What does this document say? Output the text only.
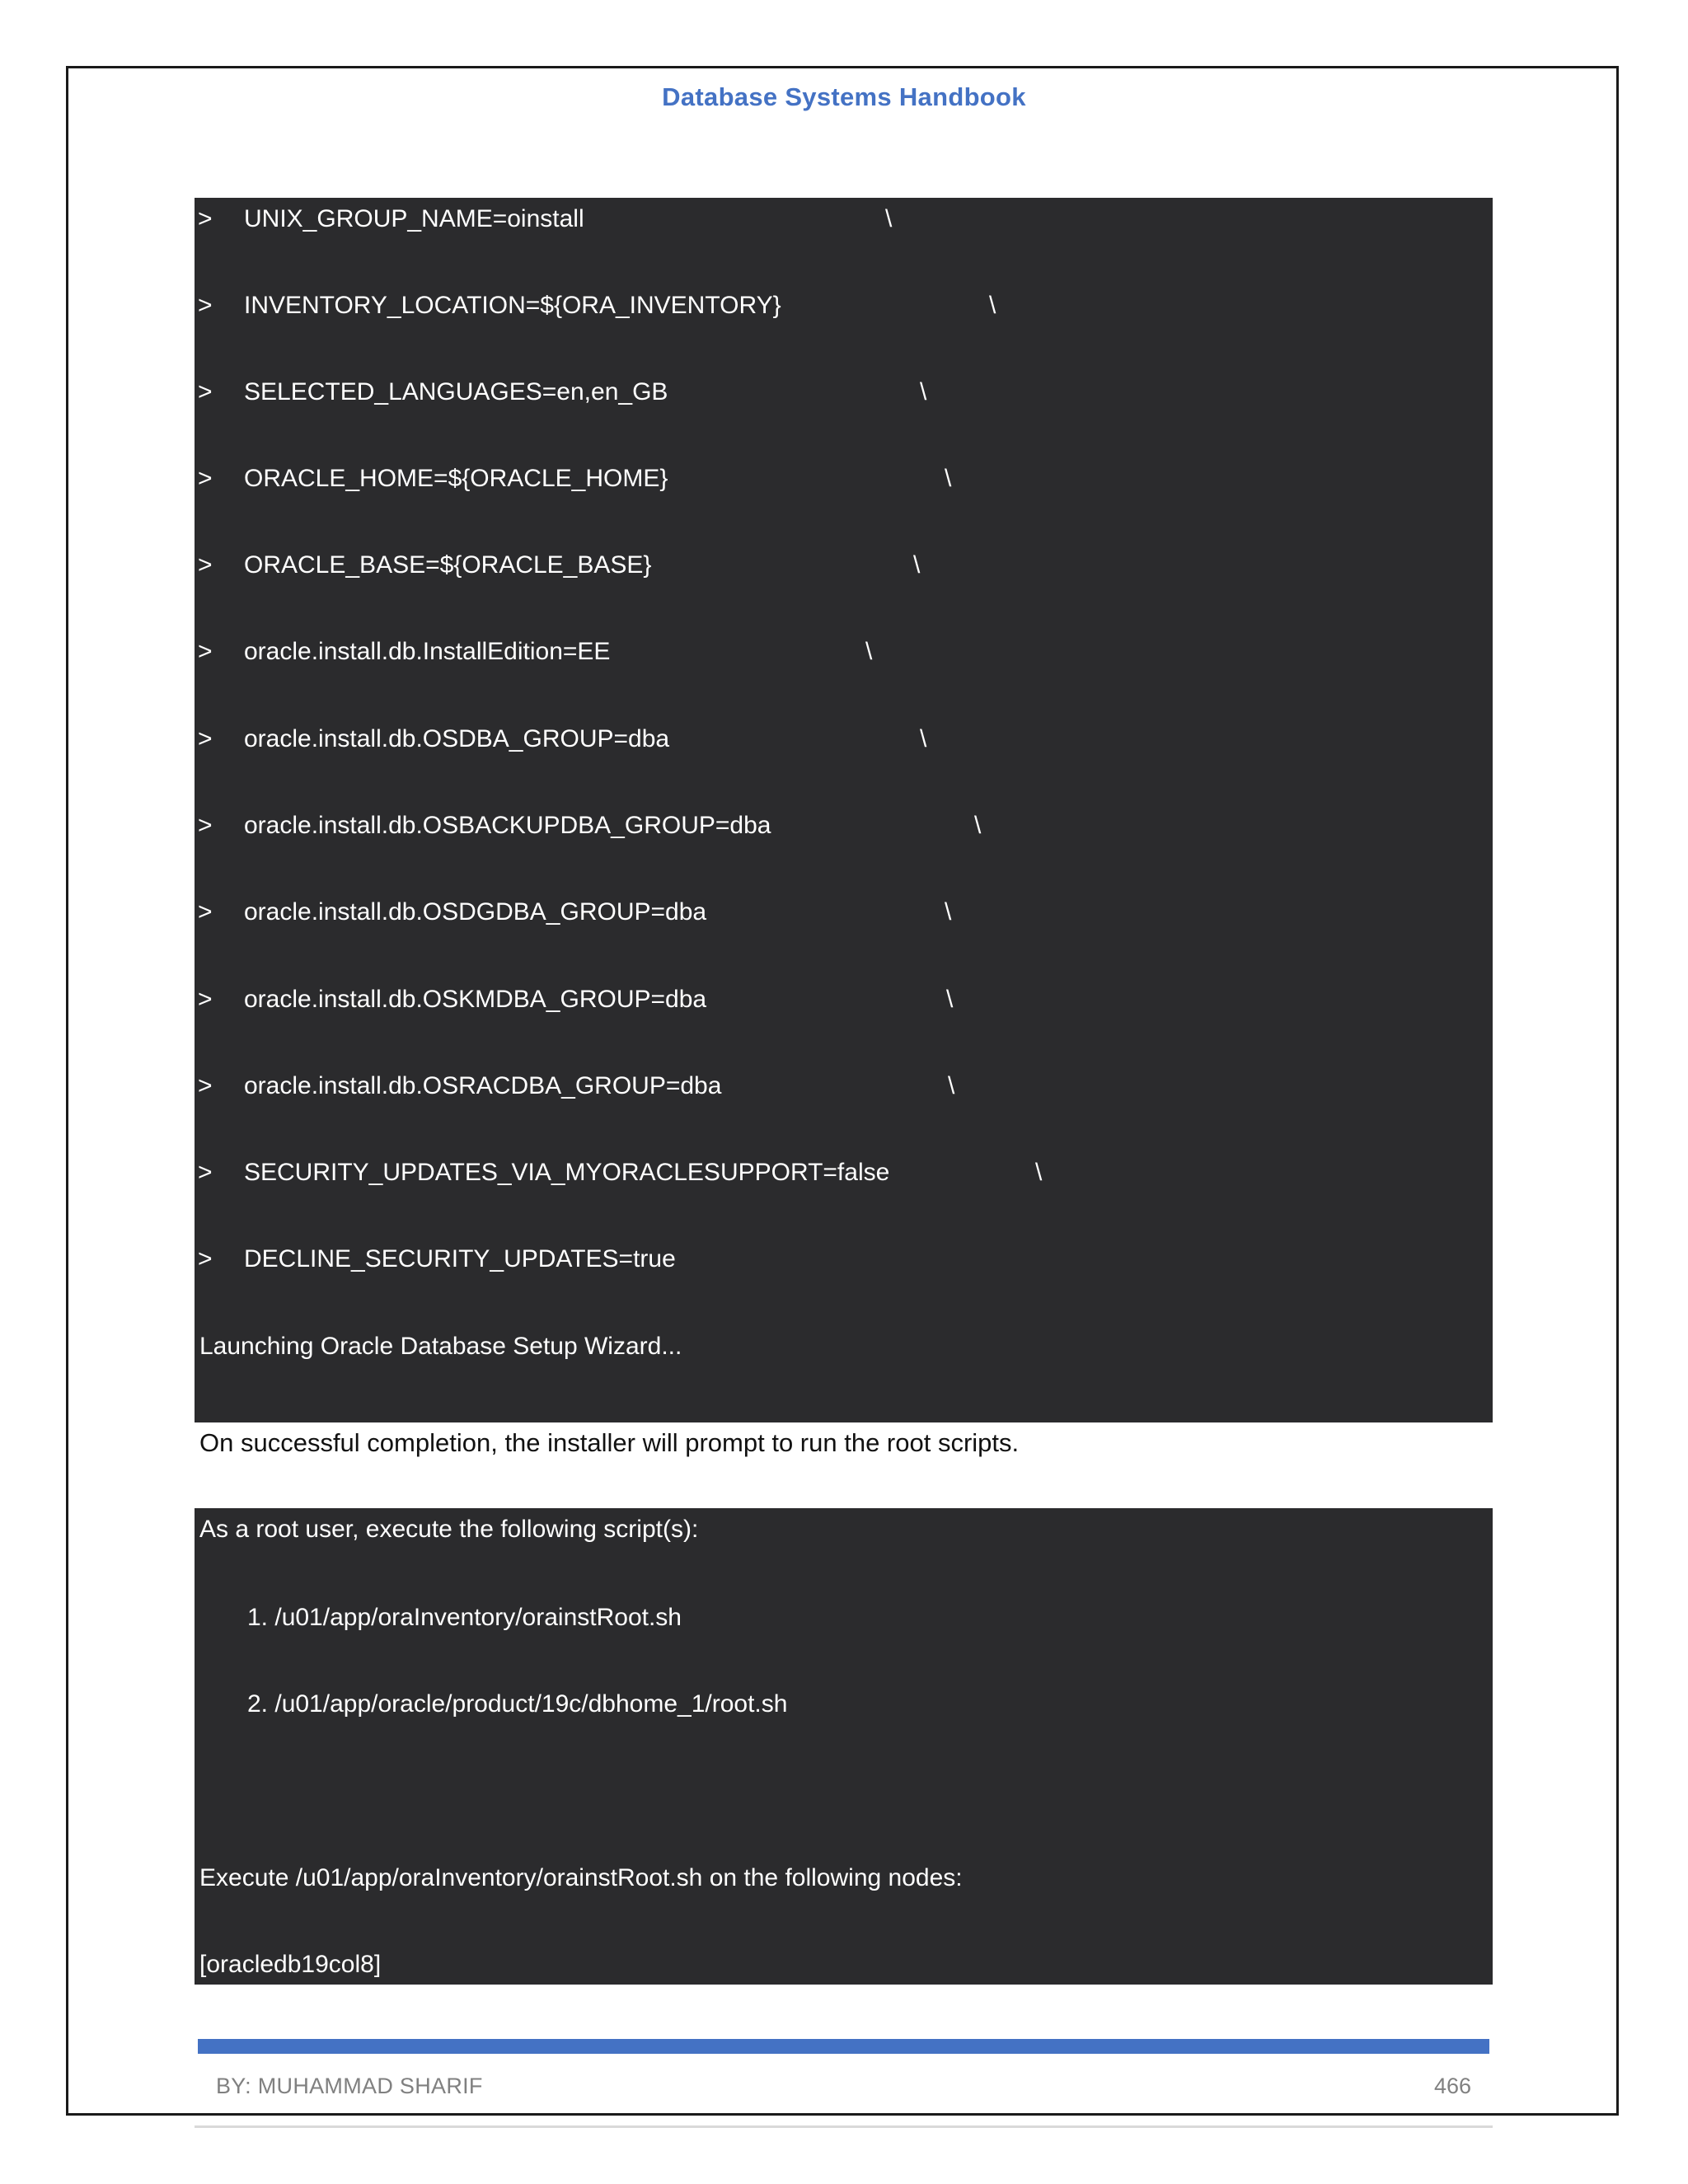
Database Systems Handbook
> UNIX_GROUP_NAME=oinstall	\
> INVENTORY_LOCATION=${ORA_INVENTORY}	\
> SELECTED_LANGUAGES=en,en_GB	\
> ORACLE_HOME=${ORACLE_HOME}	\
> ORACLE_BASE=${ORACLE_BASE}	\
> oracle.install.db.InstallEdition=EE	\
> oracle.install.db.OSDBA_GROUP=dba	\
> oracle.install.db.OSBACKUPDBA_GROUP=dba	\
> oracle.install.db.OSDGDBA_GROUP=dba	\
> oracle.install.db.OSKMDBA_GROUP=dba	\
> oracle.install.db.OSRACDBA_GROUP=dba	\
> SECURITY_UPDATES_VIA_MYORACLESUPPORT=false	\
> DECLINE_SECURITY_UPDATES=true
Launching Oracle Database Setup Wizard...
On successful completion, the installer will prompt to run the root scripts.
As a root user, execute the following script(s):
1. /u01/app/oraInventory/orainstRoot.sh
2. /u01/app/oracle/product/19c/dbhome_1/root.sh
Execute /u01/app/oraInventory/orainstRoot.sh on the following nodes:
[oracledb19col8]
BY: MUHAMMAD SHARIF	466
